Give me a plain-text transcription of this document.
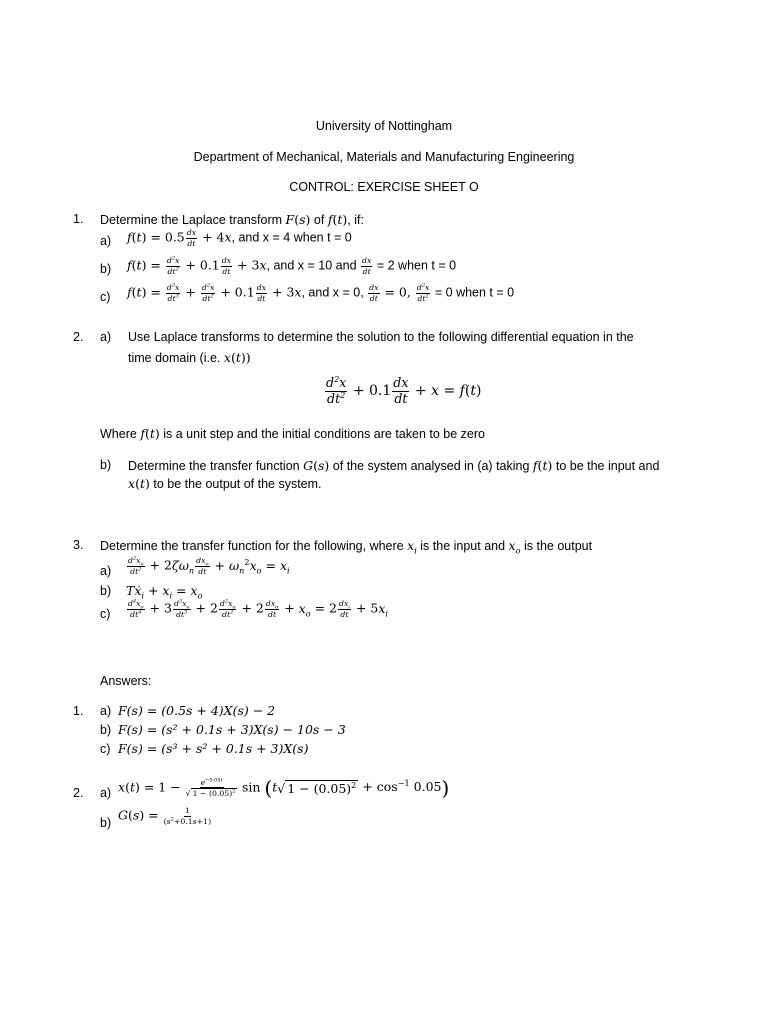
University of Nottingham
Department of Mechanical, Materials and Manufacturing Engineering
CONTROL: EXERCISE SHEET O
1. Determine the Laplace transform F(s) of f(t), if:
a) $f(t) = 0.5 \frac{dx}{dt} + 4x$, and x = 4 when t = 0
b) $f(t) = \frac{d^2x}{dt^2} + 0.1 \frac{dx}{dt} + 3x$, and x = 10 and $\frac{dx}{dt} = 2$ when t = 0
c) $f(t) = \frac{d^3x}{dt^3} + \frac{d^2x}{dt^2} + 0.1 \frac{dx}{dt} + 3x$, and x = 0, $\frac{dx}{dt} = 0$, $\frac{d^2x}{dt^2} = 0$ when t = 0
2. a) Use Laplace transforms to determine the solution to the following differential equation in the
time domain (i.e. x(t))
$\frac{d^2x}{dt^2} + 0.1 \frac{dx}{dt} + x = f(t)$
Where f(t) is a unit step and the initial conditions are taken to be zero
b) Determine the transfer function G(s) of the system analysed in (a) taking f(t) to be the input and
x(t) to be the output of the system.
3. Determine the transfer function for the following, where $x_i$ is the input and $x_o$ is the output
$a) \frac{d^2x_o}{dt^2} + 2\zeta\omega_n \frac{dx_o}{dt} + \omega_n^2x_o = x_i$
b) Tẋ$_i$ + $x_i = x_o$
$c) \frac{d^4x_o}{dt^4} + 3 \frac{d^3x_o}{dt^3} + 2 \frac{d^2x_o}{dt^2} + 2 \frac{dx_o}{dt} + x_o = 2 \frac{dx_i}{dt} + 5x_i$
Answers:
1. a) F(s) = (0.5s + 4)X(s) − 2
b) F(s) = (s² + 0.1s + 3)X(s) − 10s − 3
c) F(s) = (s³ + s² + 0.1s + 3)X(s)
2. a) $x(t) = 1 - \frac{e^{-0.05t}}{√ 1 - (0.05)^2}$ sin (t√ $1 - (0.05)^2 + \cos^{-1} 0.05$)
b)
$G(s) = \frac{1}{(s^2+0.1s+1)}$
